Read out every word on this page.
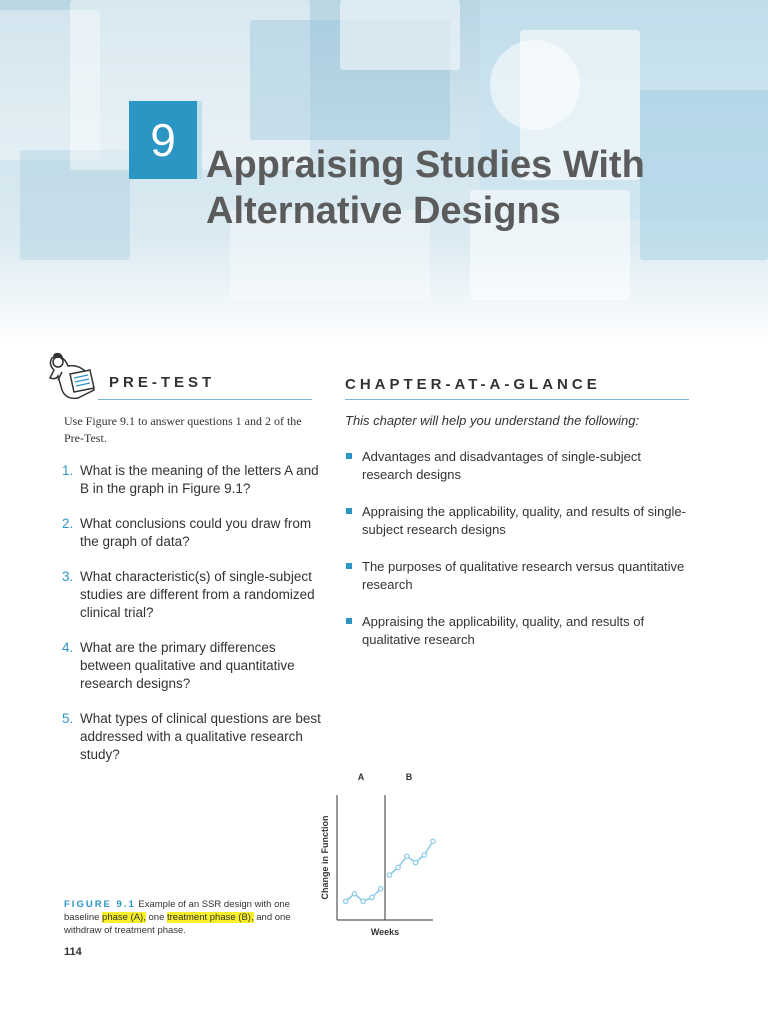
9 Appraising Studies With
Alternative Designs
PRE-TEST
Use Figure 9.1 to answer questions 1 and 2 of the Pre-Test.
1. What is the meaning of the letters A and B in the graph in Figure 9.1?
2. What conclusions could you draw from the graph of data?
3. What characteristic(s) of single-subject studies are different from a randomized clinical trial?
4. What are the primary differences between qualitative and quantitative research designs?
5. What types of clinical questions are best addressed with a qualitative research study?
CHAPTER-AT-A-GLANCE
This chapter will help you understand the following:
Advantages and disadvantages of single-subject research designs
Appraising the applicability, quality, and results of single-subject research designs
The purposes of qualitative research versus quantitative research
Appraising the applicability, quality, and results of qualitative research
A	B
Weeks
Change in Function
FIGURE 9.1 Example of an SSR design with one baseline phase (A), one treatment phase (B), and one withdraw of treatment phase.
114
